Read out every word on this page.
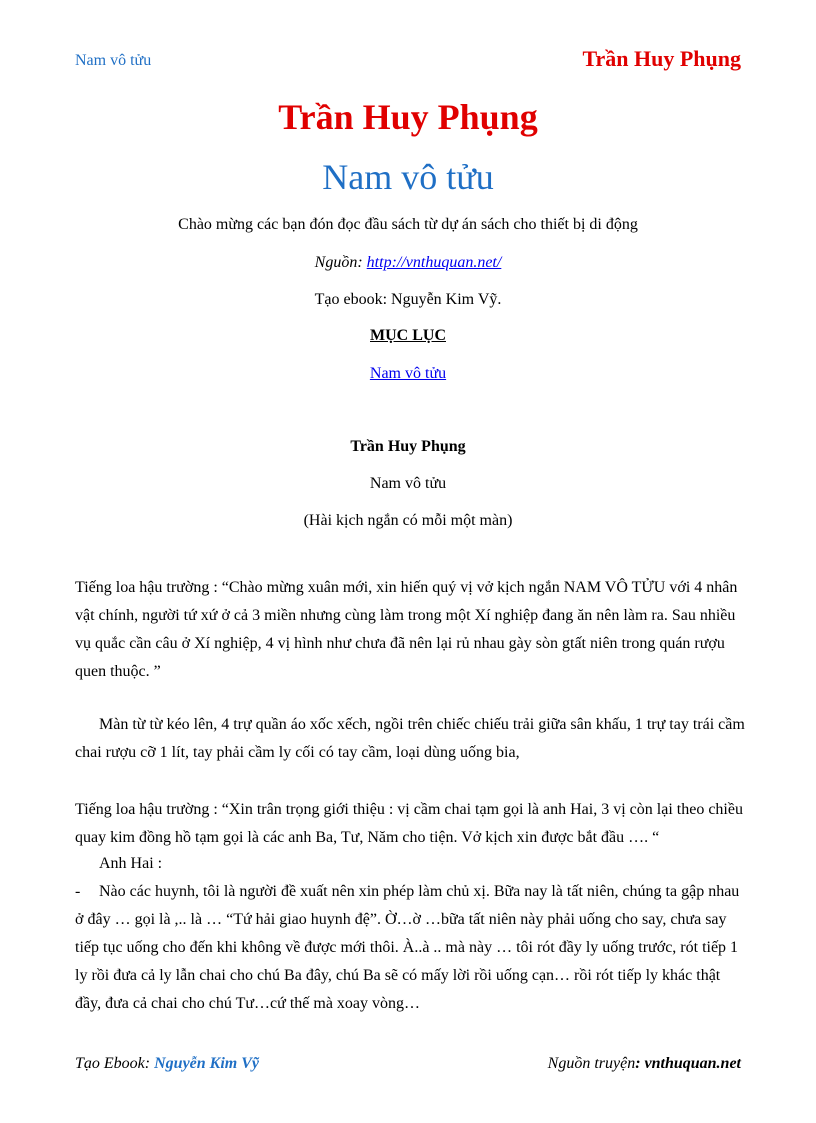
Nam vô tửu	Trần Huy Phụng
Trần Huy Phụng
Nam vô tửu
Chào mừng các bạn đón đọc đầu sách từ dự án sách cho thiết bị di động
Nguồn: http://vnthuquan.net/
Tạo ebook: Nguyễn Kim Vỹ.
MỤC LỤC
Nam vô tửu
Trần Huy Phụng
Nam vô tửu
(Hài kịch ngắn có mỗi một màn)
Tiếng loa hậu trường : “Chào mừng xuân mới, xin hiến quý vị vở kịch ngắn NAM VÔ TỬU với 4 nhân vật chính, người tứ xứ ở cả 3 miền nhưng cùng làm trong một Xí nghiệp đang ăn nên làm ra. Sau nhiều vụ quắc cần câu ở Xí nghiệp, 4 vị hình như chưa đã nên lại rủ nhau gày sòn gtất niên trong quán rượu quen thuộc. ”
Màn từ từ kéo lên, 4 trự quần áo xốc xếch, ngồi trên chiếc chiếu trải giữa sân khấu, 1 trự tay trái cầm chai rượu cỡ 1 lít, tay phải cầm ly cối có tay cầm, loại dùng uống bia,
Tiếng loa hậu trường : “Xin trân trọng giới thiệu : vị cầm chai tạm gọi là anh Hai, 3 vị còn lại theo chiều quay kim đồng hồ tạm gọi là các anh Ba, Tư, Năm cho tiện. Vở kịch xin được bắt đầu …. “
Anh Hai :
- Nào các huynh, tôi là người đề xuất nên xin phép làm chủ xị. Bữa nay là tất niên, chúng ta gập nhau ở đây … gọi là ,.. là … “Tứ hải giao huynh đệ”. Ờ…ờ …bữa tất niên này phải uống cho say, chưa say tiếp tục uống cho đến khi không về được mới thôi. À..à .. mà này … tôi rót đầy ly uống trước, rót tiếp 1 ly rồi đưa cả ly lẫn chai cho chú Ba đây, chú Ba sẽ có mấy lời rồi uống cạn… rồi rót tiếp ly khác thật đầy, đưa cả chai cho chú Tư…cứ thế mà xoay vòng…
Tạo Ebook: Nguyễn Kim Vỹ	Nguồn truyện: vnthuquan.net
